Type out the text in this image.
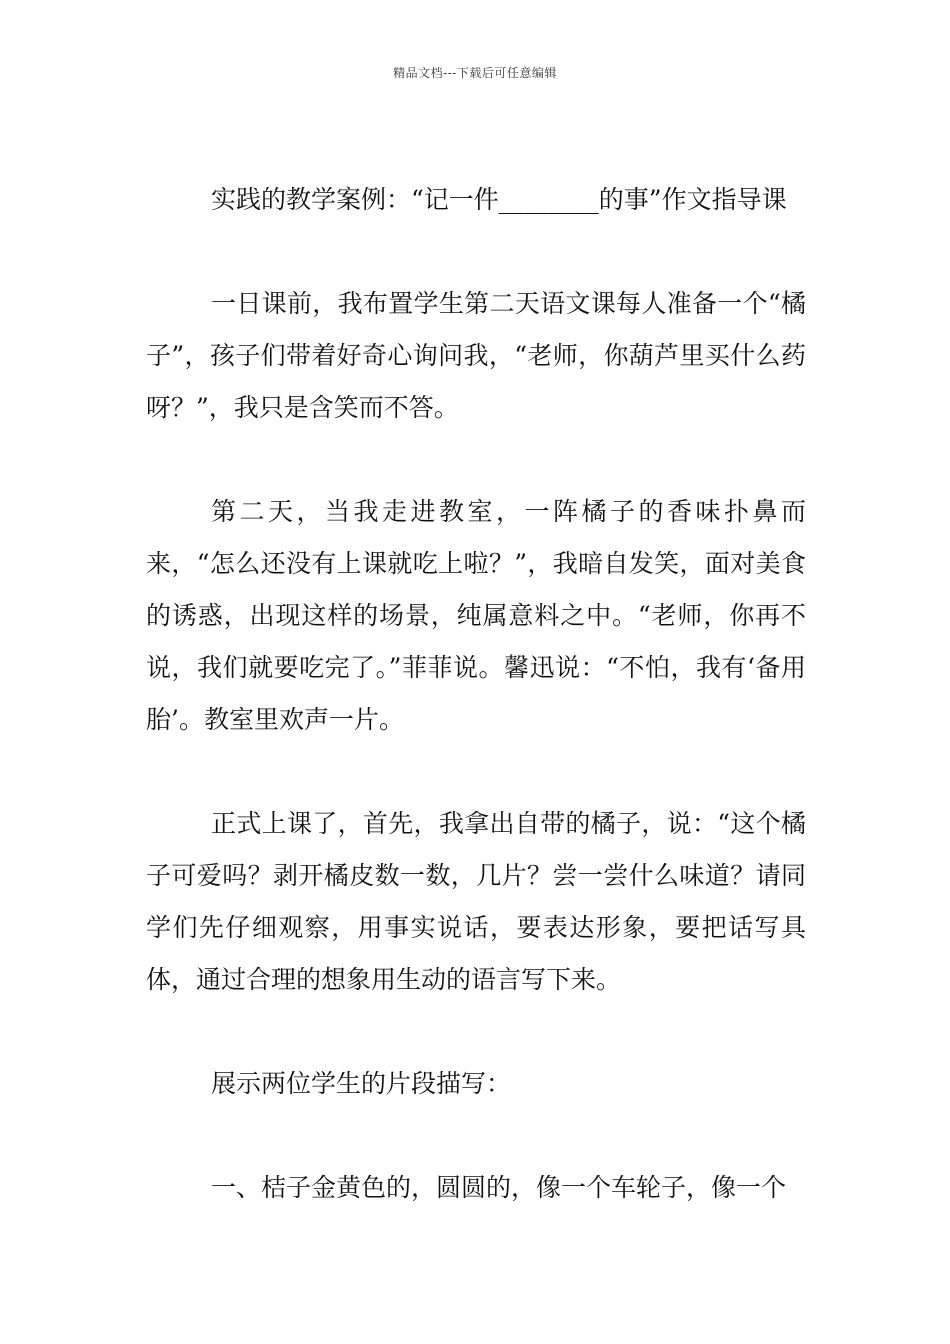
精品文档---下载后可任意编辑

实践的教学案例：“记一件________的事”作文指导课

一日课前，我布置学生第二天语文课每人准备一个“橘子”，孩子们带着好奇心询问我，“老师，你葫芦里买什么药呀？”，我只是含笑而不答。

第二天，当我走进教室，一阵橘子的香味扑鼻而来，“怎么还没有上课就吃上啦？”，我暗自发笑，面对美食的诱惑，出现这样的场景，纯属意料之中。“老师，你再不说，我们就要吃完了。”菲菲说。馨迅说：“不怕，我有‘备用胎’。教室里欢声一片。

正式上课了，首先，我拿出自带的橘子，说：“这个橘子可爱吗？剥开橘皮数一数，几片？尝一尝什么味道？请同学们先仔细观察，用事实说话，要表达形象，要把话写具体，通过合理的想象用生动的语言写下来。

展示两位学生的片段描写：

一、桔子金黄色的，圆圆的，像一个车轮子，像一个
